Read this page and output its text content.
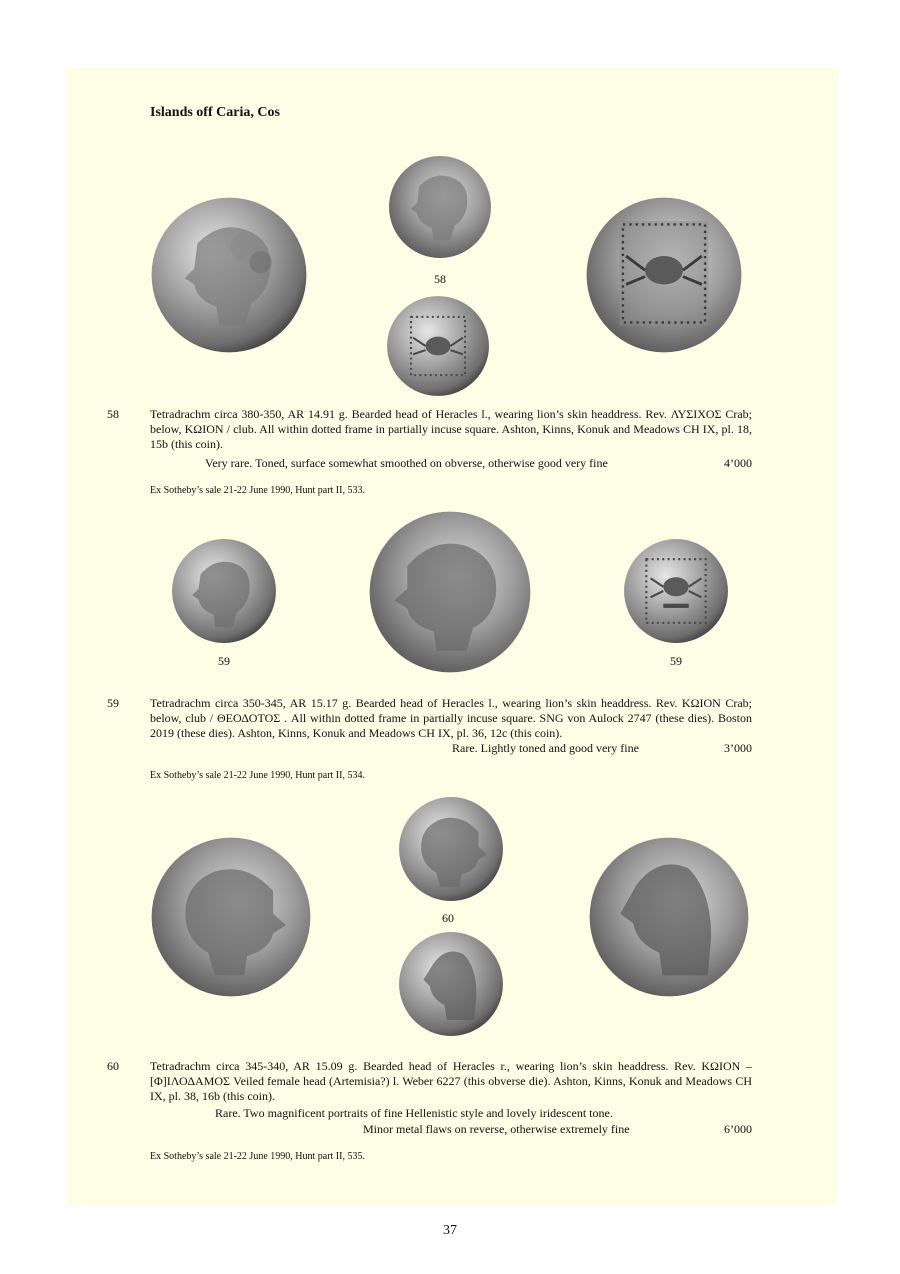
Islands off Caria, Cos
58
58	Tetradrachm circa 380-350, AR 14.91 g. Bearded head of Heracles l., wearing lion’s skin headdress. Rev. ΛΥΣΙΧΟΣ Crab; below, ΚΩΙΟΝ / club. All within dotted frame in partially incuse square. Ashton, Kinns, Konuk and Meadows CH IX, pl. 18, 15b (this coin).

Very rare. Toned, surface somewhat smoothed on obverse, otherwise good very fine	4’000
Ex Sotheby’s sale 21-22 June 1990, Hunt part II, 533.
59	59
59	Tetradrachm circa 350-345, AR 15.17 g. Bearded head of Heracles l., wearing lion’s skin headdress. Rev. ΚΩΙΟΝ Crab; below, club / ΘΕΟΔΟΤΟΣ . All within dotted frame in partially incuse square. SNG von Aulock 2747 (these dies). Boston 2019 (these dies). Ashton, Kinns, Konuk and Meadows CH IX, pl. 36, 12c (this coin).

Rare. Lightly toned and good very fine	3’000
Ex Sotheby’s sale 21-22 June 1990, Hunt part II, 534.
60
60	Tetradrachm circa 345-340, AR 15.09 g. Bearded head of Heracles r., wearing lion’s skin headdress. Rev. ΚΩΙΟΝ – [Φ]ΙΛΟΔΑΜΟΣ Veiled female head (Artemisia?) l. Weber 6227 (this obverse die). Ashton, Kinns, Konuk and Meadows CH IX, pl. 38, 16b (this coin).

Rare. Two magnificent portraits of fine Hellenistic style and lovely iridescent tone.
Minor metal flaws on reverse, otherwise extremely fine	6’000
Ex Sotheby’s sale 21-22 June 1990, Hunt part II, 535.
37
